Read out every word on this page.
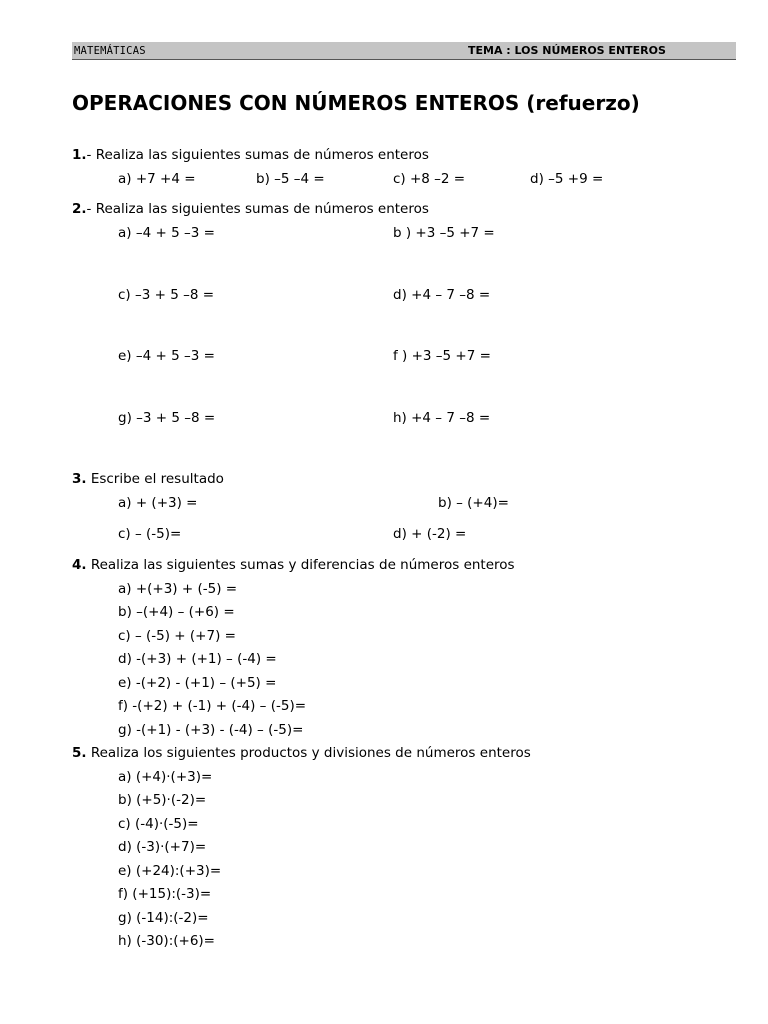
MATEMÁTICAS	TEMA : LOS NÚMEROS ENTEROS
OPERACIONES CON NÚMEROS ENTEROS (refuerzo)
1.- Realiza las siguientes sumas de números enteros
a) +7 +4 =	b) –5 –4 =	c) +8 –2 =	d) –5 +9 =
2.- Realiza las siguientes sumas de números enteros
a) –4 + 5 –3 =	b ) +3 –5 +7 =
c) –3 + 5 –8 =	d) +4 – 7 –8 =
e) –4 + 5 –3 =	f ) +3 –5 +7 =
g) –3 + 5 –8 =	h) +4 – 7 –8 =
3. Escribe el resultado
a) + (+3) =	b) – (+4)=
c) – (-5)=	d) + (-2) =
4. Realiza las siguientes sumas y diferencias de números enteros
a) +(+3) + (-5) =
b) –(+4) – (+6) =
c) – (-5) + (+7) =
d) -(+3) + (+1) – (-4) =
e) -(+2) - (+1) – (+5) =
f) -(+2) + (-1) + (-4) – (-5)=
g) -(+1) - (+3) - (-4) – (-5)=
5. Realiza los siguientes productos y divisiones de números enteros
a) (+4)·(+3)=
b) (+5)·(-2)=
c) (-4)·(-5)=
d) (-3)·(+7)=
e) (+24):(+3)=
f) (+15):(-3)=
g) (-14):(-2)=
h) (-30):(+6)=
